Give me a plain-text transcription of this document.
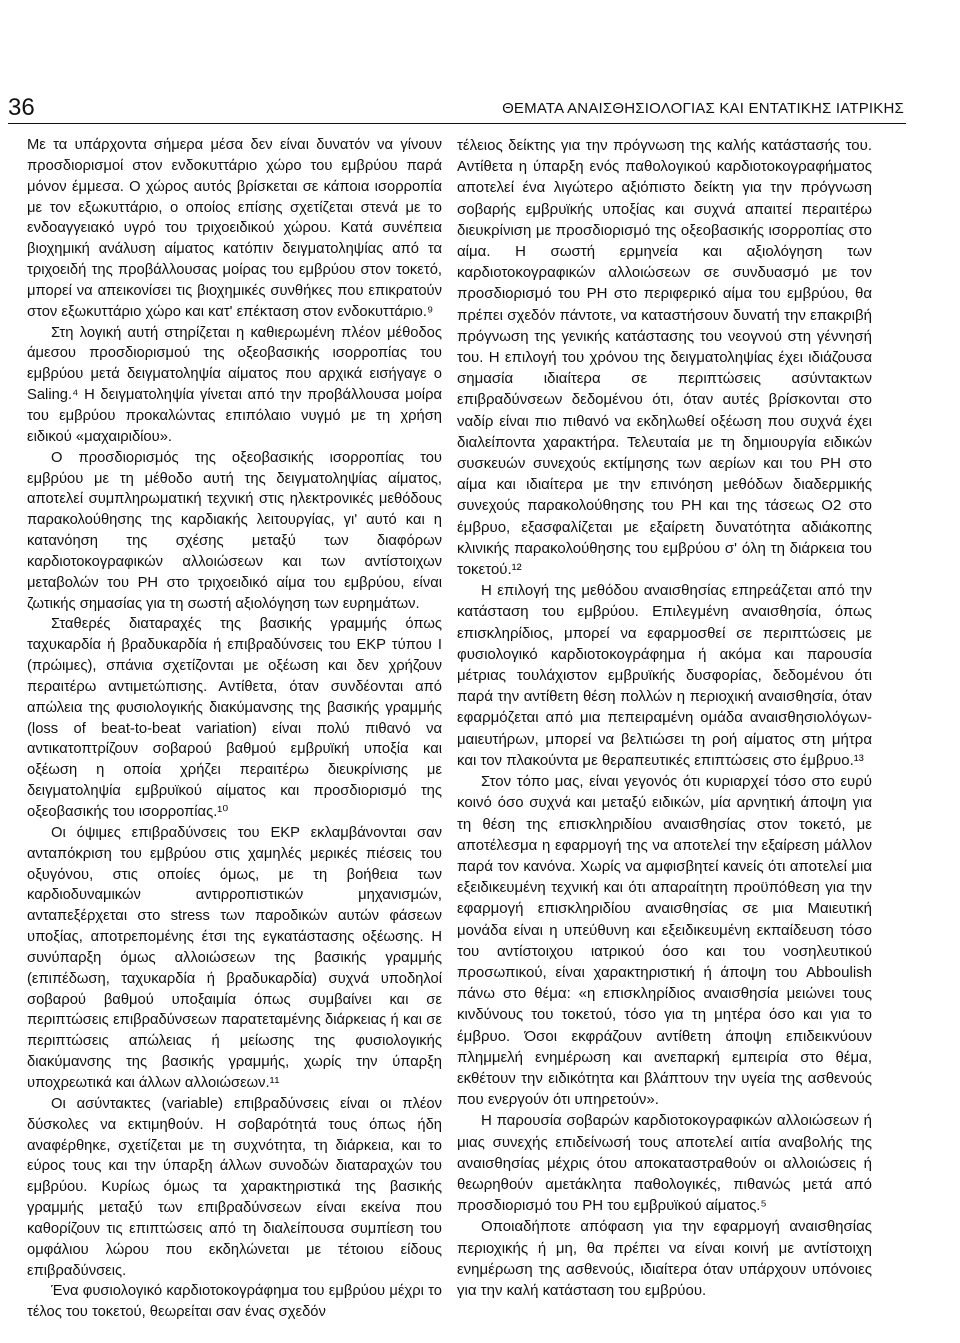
36	ΘΕΜΑΤΑ ΑΝΑΙΣΘΗΣΙΟΛΟΓΙΑΣ ΚΑΙ ΕΝΤΑΤΙΚΗΣ ΙΑΤΡΙΚΗΣ

Με τα υπάρχοντα σήμερα μέσα δεν είναι δυνατόν να γίνουν προσδιορισμοί στον ενδοκυττάριο χώρο του εμβρύου παρά μόνον έμμεσα. Ο χώρος αυτός βρίσκεται σε κάποια ισορροπία με τον εξωκυττάριο, ο οποίος επίσης σχετίζεται στενά με το ενδοαγγειακό υγρό του τριχοειδικού χώρου. Κατά συνέπεια βιοχημική ανάλυση αίματος κατόπιν δειγματοληψίας από τα τριχοειδή της προβάλλουσας μοίρας του εμβρύου στον τοκετό, μπορεί να απεικονίσει τις βιοχημικές συνθήκες που επικρατούν στον εξωκυττάριο χώρο και κατ' επέκταση στον ενδοκυττάριο.⁹

Στη λογική αυτή στηρίζεται η καθιερωμένη πλέον μέθοδος άμεσου προσδιορισμού της οξεοβασικής ισορροπίας του εμβρύου μετά δειγματοληψία αίματος που αρχικά εισήγαγε ο Saling.⁴ Η δειγματοληψία γίνεται από την προβάλλουσα μοίρα του εμβρύου προκαλώντας επιπόλαιο νυγμό με τη χρήση ειδικού «μαχαιριδίου».

Ο προσδιορισμός της οξεοβασικής ισορροπίας του εμβρύου με τη μέθοδο αυτή της δειγματοληψίας αίματος, αποτελεί συμπληρωματική τεχνική στις ηλεκτρονικές μεθόδους παρακολούθησης της καρδιακής λειτουργίας, γι' αυτό και η κατανόηση της σχέσης μεταξύ των διαφόρων καρδιοτοκογραφικών αλλοιώσεων και των αντίστοιχων μεταβολών του PH στο τριχοειδικό αίμα του εμβρύου, είναι ζωτικής σημασίας για τη σωστή αξιολόγηση των ευρημάτων.

Σταθερές διαταραχές της βασικής γραμμής όπως ταχυκαρδία ή βραδυκαρδία ή επιβραδύνσεις του ΕΚΡ τύπου Ι (πρώιμες), σπάνια σχετίζονται με οξέωση και δεν χρήζουν περαιτέρω αντιμετώπισης. Αντίθετα, όταν συνδέονται από απώλεια της φυσιολογικής διακύμανσης της βασικής γραμμής (loss of beat-to-beat variation) είναι πολύ πιθανό να αντικατοπτρίζουν σοβαρού βαθμού εμβρυϊκή υποξία και οξέωση η οποία χρήζει περαιτέρω διευκρίνισης με δειγματοληψία εμβρυϊκού αίματος και προσδιορισμό της οξεοβασικής του ισορροπίας.¹⁰

Οι όψιμες επιβραδύνσεις του ΕΚΡ εκλαμβάνονται σαν ανταπόκριση του εμβρύου στις χαμηλές μερικές πιέσεις του οξυγόνου, στις οποίες όμως, με τη βοήθεια των καρδιοδυναμικών αντιρροπιστικών μηχανισμών, ανταπεξέρχεται στο stress των παροδικών αυτών φάσεων υποξίας, αποτρεπομένης έτσι της εγκατάστασης οξέωσης. Η συνύπαρξη όμως αλλοιώσεων της βασικής γραμμής (επιπέδωση, ταχυκαρδία ή βραδυκαρδία) συχνά υποδηλοί σοβαρού βαθμού υποξαιμία όπως συμβαίνει και σε περιπτώσεις επιβραδύνσεων παρατεταμένης διάρκειας ή και σε περιπτώσεις απώλειας ή μείωσης της φυσιολογικής διακύμανσης της βασικής γραμμής, χωρίς την ύπαρξη υποχρεωτικά και άλλων αλλοιώσεων.¹¹

Οι ασύντακτες (variable) επιβραδύνσεις είναι οι πλέον δύσκολες να εκτιμηθούν. Η σοβαρότητά τους όπως ήδη αναφέρθηκε, σχετίζεται με τη συχνότητα, τη διάρκεια, και το εύρος τους και την ύπαρξη άλλων συνοδών διαταραχών του εμβρύου. Κυρίως όμως τα χαρακτηριστικά της βασικής γραμμής μεταξύ των επιβραδύνσεων είναι εκείνα που καθορίζουν τις επιπτώσεις από τη διαλείπουσα συμπίεση του ομφάλιου λώρου που εκδηλώνεται με τέτοιου είδους επιβραδύνσεις.

Ένα φυσιολογικό καρδιοτοκογράφημα του εμβρύου μέχρι το τέλος του τοκετού, θεωρείται σαν ένας σχεδόν

τέλειος δείκτης για την πρόγνωση της καλής κατάστασής του. Αντίθετα η ύπαρξη ενός παθολογικού καρδιοτοκογραφήματος αποτελεί ένα λιγώτερο αξιόπιστο δείκτη για την πρόγνωση σοβαρής εμβρυϊκής υποξίας και συχνά απαιτεί περαιτέρω διευκρίνιση με προσδιορισμό της οξεοβασικής ισορροπίας στο αίμα. Η σωστή ερμηνεία και αξιολόγηση των καρδιοτοκογραφικών αλλοιώσεων σε συνδυασμό με τον προσδιορισμό του PH στο περιφερικό αίμα του εμβρύου, θα πρέπει σχεδόν πάντοτε, να καταστήσουν δυνατή την επακριβή πρόγνωση της γενικής κατάστασης του νεογνού στη γέννησή του. Η επιλογή του χρόνου της δειγματοληψίας έχει ιδιάζουσα σημασία ιδιαίτερα σε περιπτώσεις ασύντακτων επιβραδύνσεων δεδομένου ότι, όταν αυτές βρίσκονται στο ναδίρ είναι πιο πιθανό να εκδηλωθεί οξέωση που συχνά έχει διαλείποντα χαρακτήρα. Τελευταία με τη δημιουργία ειδικών συσκευών συνεχούς εκτίμησης των αερίων και του PH στο αίμα και ιδιαίτερα με την επινόηση μεθόδων διαδερμικής συνεχούς παρακολούθησης του PH και της τάσεως O2 στο έμβρυο, εξασφαλίζεται με εξαίρετη δυνατότητα αδιάκοπης κλινικής παρακολούθησης του εμβρύου σ' όλη τη διάρκεια του τοκετού.¹²

Η επιλογή της μεθόδου αναισθησίας επηρεάζεται από την κατάσταση του εμβρύου. Επιλεγμένη αναισθησία, όπως επισκληρίδιος, μπορεί να εφαρμοσθεί σε περιπτώσεις με φυσιολογικό καρδιοτοκογράφημα ή ακόμα και παρουσία μέτριας τουλάχιστον εμβρυϊκής δυσφορίας, δεδομένου ότι παρά την αντίθετη θέση πολλών η περιοχική αναισθησία, όταν εφαρμόζεται από μια πεπειραμένη ομάδα αναισθησιολόγων-μαιευτήρων, μπορεί να βελτιώσει τη ροή αίματος στη μήτρα και τον πλακούντα με θεραπευτικές επιπτώσεις στο έμβρυο.¹³

Στον τόπο μας, είναι γεγονός ότι κυριαρχεί τόσο στο ευρύ κοινό όσο συχνά και μεταξύ ειδικών, μία αρνητική άποψη για τη θέση της επισκληριδίου αναισθησίας στον τοκετό, με αποτέλεσμα η εφαρμογή της να αποτελεί την εξαίρεση μάλλον παρά τον κανόνα. Χωρίς να αμφισβητεί κανείς ότι αποτελεί μια εξειδικευμένη τεχνική και ότι απαραίτητη προϋπόθεση για την εφαρμογή επισκληριδίου αναισθησίας σε μια Μαιευτική μονάδα είναι η υπεύθυνη και εξειδικευμένη εκπαίδευση τόσο του αντίστοιχου ιατρικού όσο και του νοσηλευτικού προσωπικού, είναι χαρακτηριστική ή άποψη του Abboulish πάνω στο θέμα: «η επισκληρίδιος αναισθησία μειώνει τους κινδύνους του τοκετού, τόσο για τη μητέρα όσο και για το έμβρυο. Όσοι εκφράζουν αντίθετη άποψη επιδεικνύουν πλημμελή ενημέρωση και ανεπαρκή εμπειρία στο θέμα, εκθέτουν την ειδικότητα και βλάπτουν την υγεία της ασθενούς που ενεργούν ότι υπηρετούν».

Η παρουσία σοβαρών καρδιοτοκογραφικών αλλοιώσεων ή μιας συνεχής επιδείνωσή τους αποτελεί αιτία αναβολής της αναισθησίας μέχρις ότου αποκαταστραθούν οι αλλοιώσεις ή θεωρηθούν αμετάκλητα παθολογικές, πιθανώς μετά από προσδιορισμό του PH του εμβρυϊκού αίματος.⁵

Οποιαδήποτε απόφαση για την εφαρμογή αναισθησίας περιοχικής ή μη, θα πρέπει να είναι κοινή με αντίστοιχη ενημέρωση της ασθενούς, ιδιαίτερα όταν υπάρχουν υπόνοιες για την καλή κατάσταση του εμβρύου.
